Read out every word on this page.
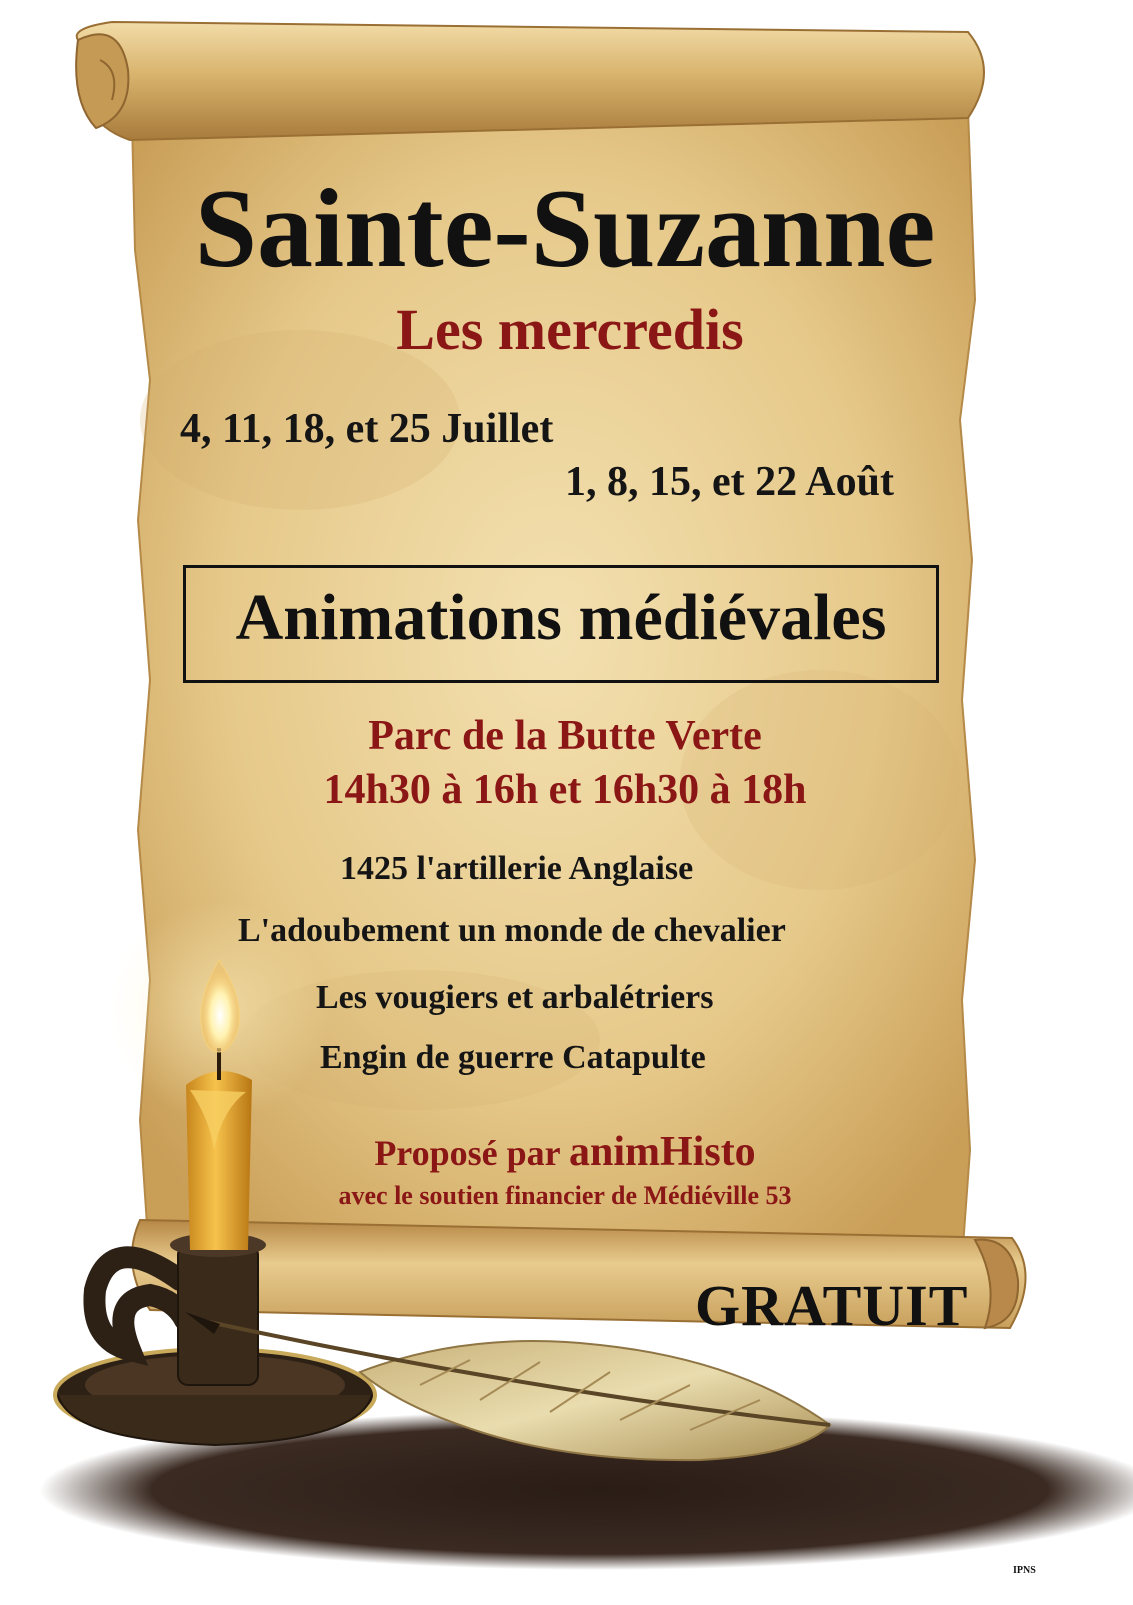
Sainte-Suzanne
Les mercredis

4, 11, 18, et 25 Juillet

1, 8, 15, et 22 Août

Animations médiévales

Parc de la Butte Verte

14h30 à 16h et 16h30 à 18h

1425 l'artillerie Anglaise

L'adoubement un monde de chevalier

Les vougiers et arbalétriers

Engin de guerre Catapulte

Proposé par animHisto

avec le soutien financier de Médiéville 53

GRATUIT

IPNS
